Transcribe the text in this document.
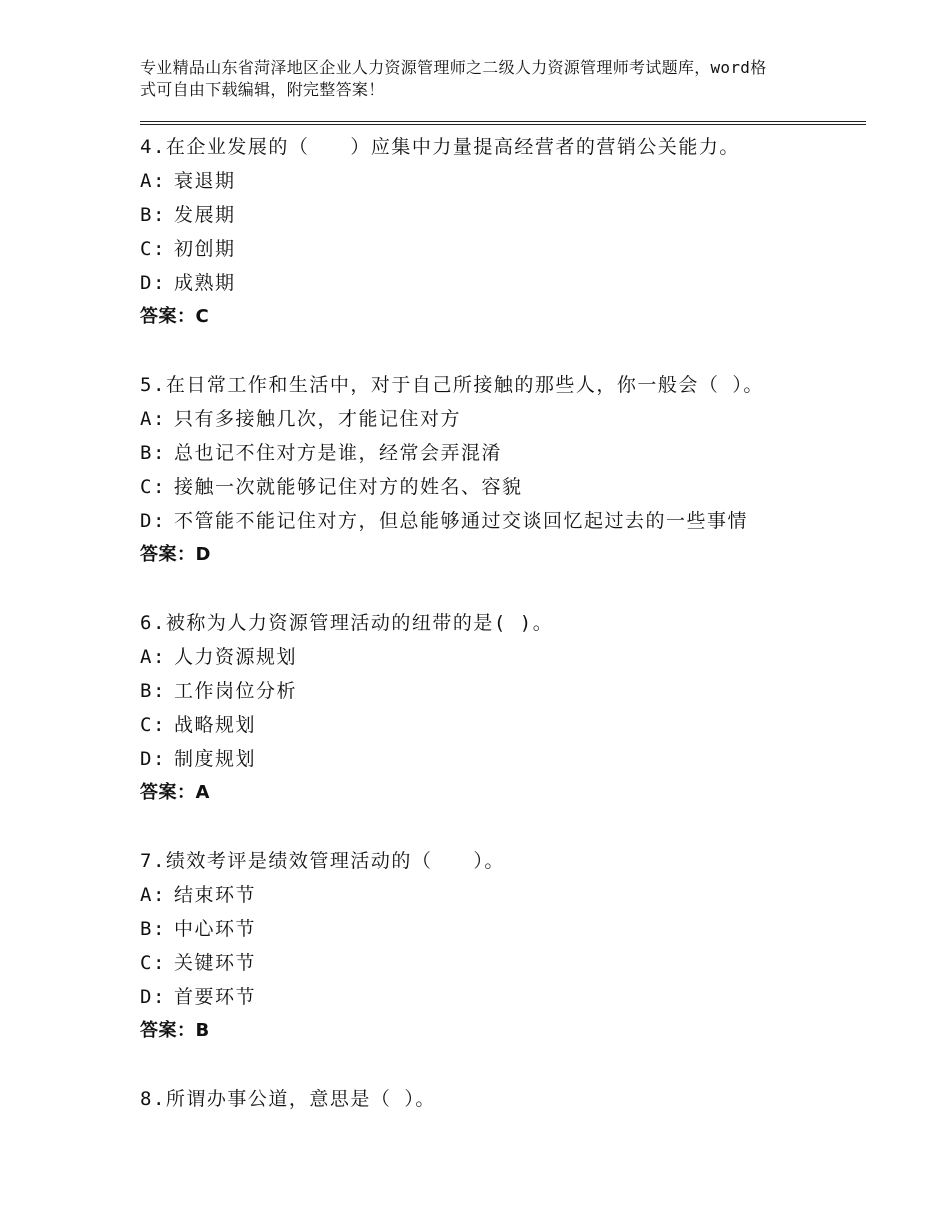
专业精品山东省菏泽地区企业人力资源管理师之二级人力资源管理师考试题库，word格式可自由下载编辑，附完整答案！
4.在企业发展的（　　）应集中力量提高经营者的营销公关能力。
A: 衰退期
B: 发展期
C: 初创期
D: 成熟期
答案：C
5.在日常工作和生活中，对于自己所接触的那些人，你一般会（ ）。
A: 只有多接触几次，才能记住对方
B: 总也记不住对方是谁，经常会弄混淆
C: 接触一次就能够记住对方的姓名、容貌
D: 不管能不能记住对方，但总能够通过交谈回忆起过去的一些事情
答案：D
6.被称为人力资源管理活动的纽带的是( )。
A: 人力资源规划
B: 工作岗位分析
C: 战略规划
D: 制度规划
答案：A
7.绩效考评是绩效管理活动的（　　）。
A: 结束环节
B: 中心环节
C: 关键环节
D: 首要环节
答案：B
8.所谓办事公道，意思是（ ）。
